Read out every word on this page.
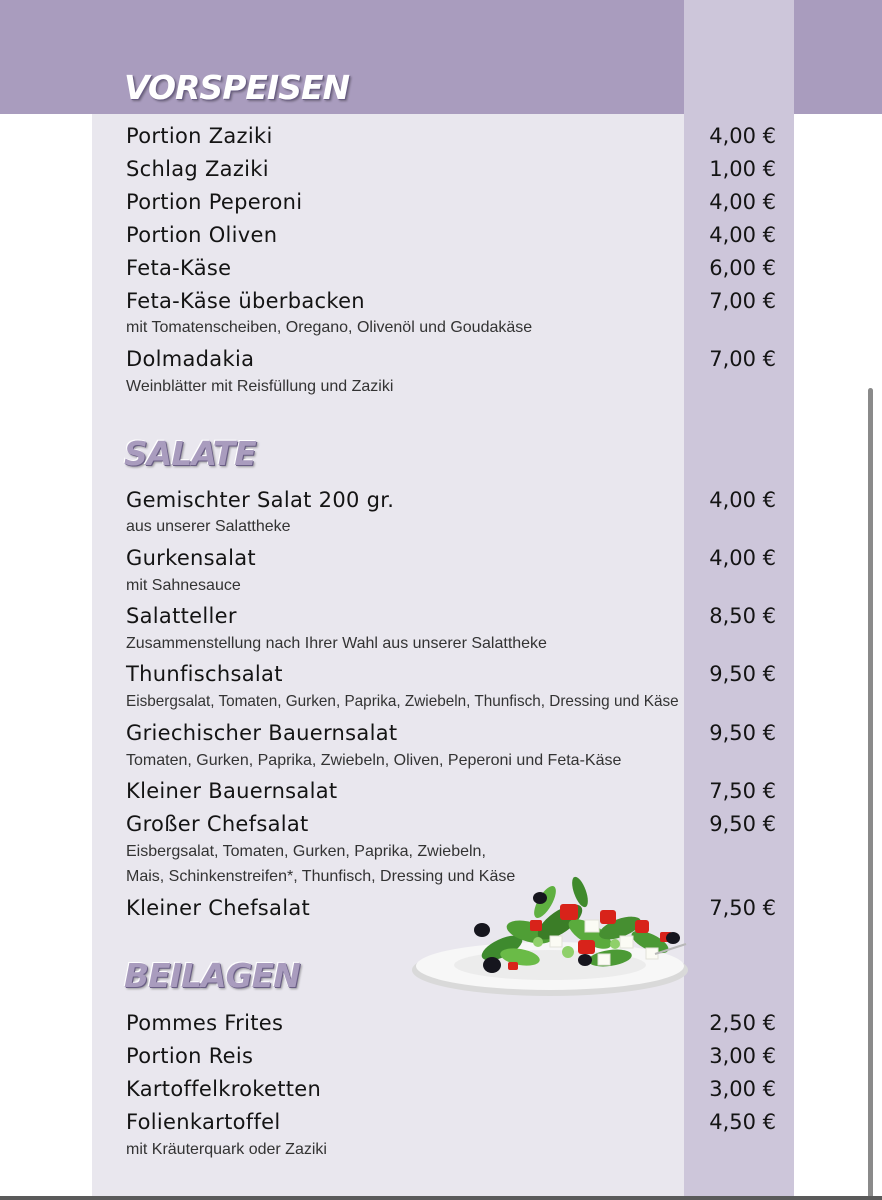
VORSPEISEN
Portion Zaziki	4,00 €
Schlag Zaziki	1,00 €
Portion Peperoni	4,00 €
Portion Oliven	4,00 €
Feta-Käse	6,00 €
Feta-Käse überbacken	7,00 €
mit Tomatenscheiben, Oregano, Olivenöl und Goudakäse
Dolmadakia	7,00 €
Weinblätter mit Reisfüllung und Zaziki
SALATE
Gemischter Salat 200 gr.	4,00 €
aus unserer Salattheke
Gurkensalat	4,00 €
mit Sahnesauce
Salatteller	8,50 €
Zusammenstellung nach Ihrer Wahl aus unserer Salattheke
Thunfischsalat	9,50 €
Eisbergsalat, Tomaten, Gurken, Paprika, Zwiebeln, Thunfisch, Dressing und Käse
Griechischer Bauernsalat	9,50 €
Tomaten, Gurken, Paprika, Zwiebeln, Oliven, Peperoni und Feta-Käse
Kleiner Bauernsalat	7,50 €
Großer Chefsalat	9,50 €
Eisbergsalat, Tomaten, Gurken, Paprika, Zwiebeln,
Mais, Schinkenstreifen*, Thunfisch, Dressing und Käse
Kleiner Chefsalat	7,50 €
BEILAGEN
Pommes Frites	2,50 €
Portion Reis	3,00 €
Kartoffelkroketten	3,00 €
Folienkartoffel	4,50 €
mit Kräuterquark oder Zaziki
